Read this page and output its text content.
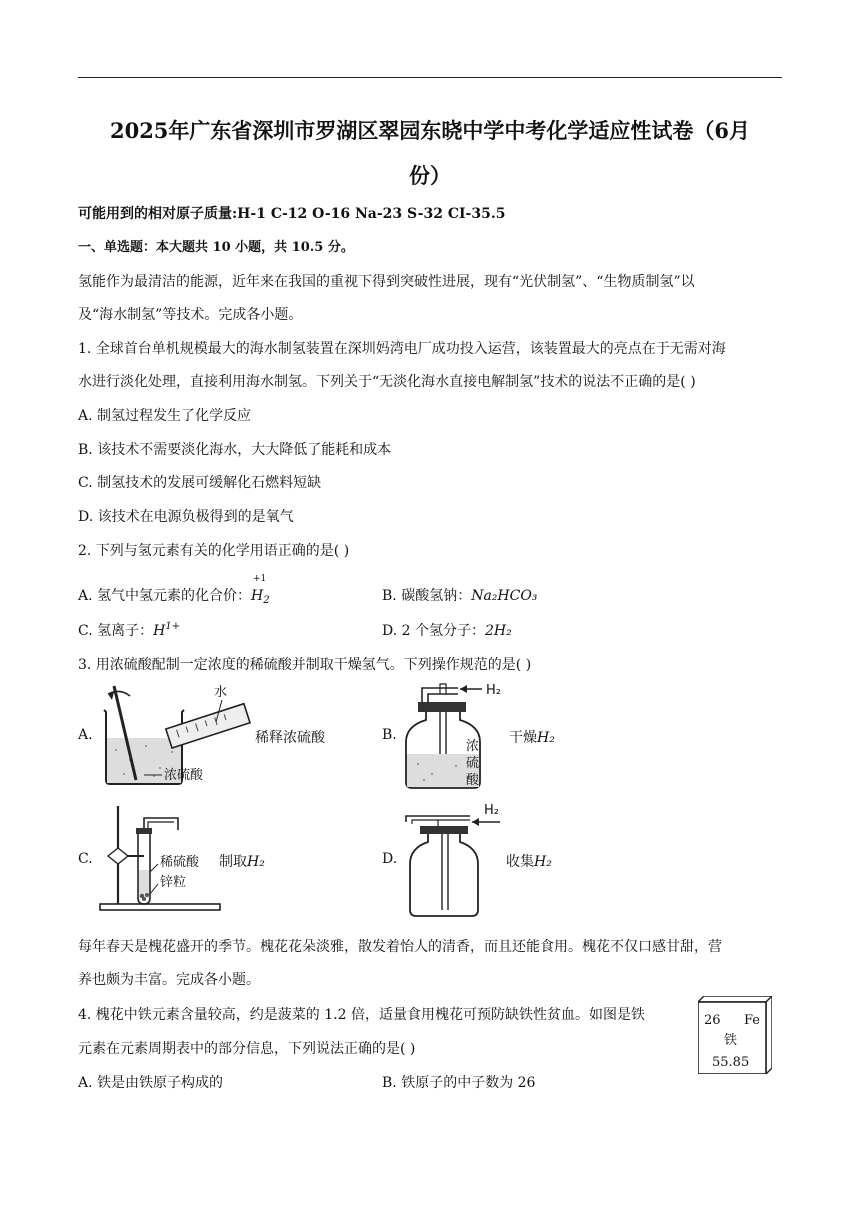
2025年广东省深圳市罗湖区翠园东晓中学中考化学适应性试卷（6月
份）
可能用到的相对原子质量:H-1 C-12 O-16 Na-23 S-32 CI-35.5
一、单选题：本大题共 10 小题，共 10.5 分。
氢能作为最清洁的能源，近年来在我国的重视下得到突破性进展，现有“光伏制氢”、“生物质制氢”以
及“海水制氢”等技术。完成各小题。
1. 全球首台单机规模最大的海水制氢装置在深圳妈湾电厂成功投入运营，该装置最大的亮点在于无需对海
水进行淡化处理，直接利用海水制氢。下列关于“无淡化海水直接电解制氢”技术的说法不正确的是( )
A. 制氢过程发生了化学反应
B. 该技术不需要淡化海水，大大降低了能耗和成本
C. 制氢技术的发展可缓解化石燃料短缺
D. 该技术在电源负极得到的是氧气
2. 下列与氢元素有关的化学用语正确的是( )
A. 氢气中氢元素的化合价：$H_2$
+1
B. 碳酸氢钠：Na₂HCO₃
C. 氢离子：$H^{1+}$	D. 2 个氢分子：2H₂
3. 用浓硫酸配制一定浓度的稀硫酸并制取干燥氢气。下列操作规范的是( )
A.
水
浓硫酸
稀释浓硫酸	B.
H₂
浓
硫
酸
干燥H₂
C.	稀硫酸
锌粒
制取H₂	D.
H₂
收集H₂
每年春天是槐花盛开的季节。槐花花朵淡雅，散发着怡人的清香，而且还能食用。槐花不仅口感甘甜，营
养也颇为丰富。完成各小题。
4. 槐花中铁元素含量较高，约是菠菜的 1.2 倍，适量食用槐花可预防缺铁性贫血。如图是铁
元素在元素周期表中的部分信息，下列说法正确的是( )
26 Fe
铁
55.85
A. 铁是由铁原子构成的	B. 铁原子的中子数为 26
